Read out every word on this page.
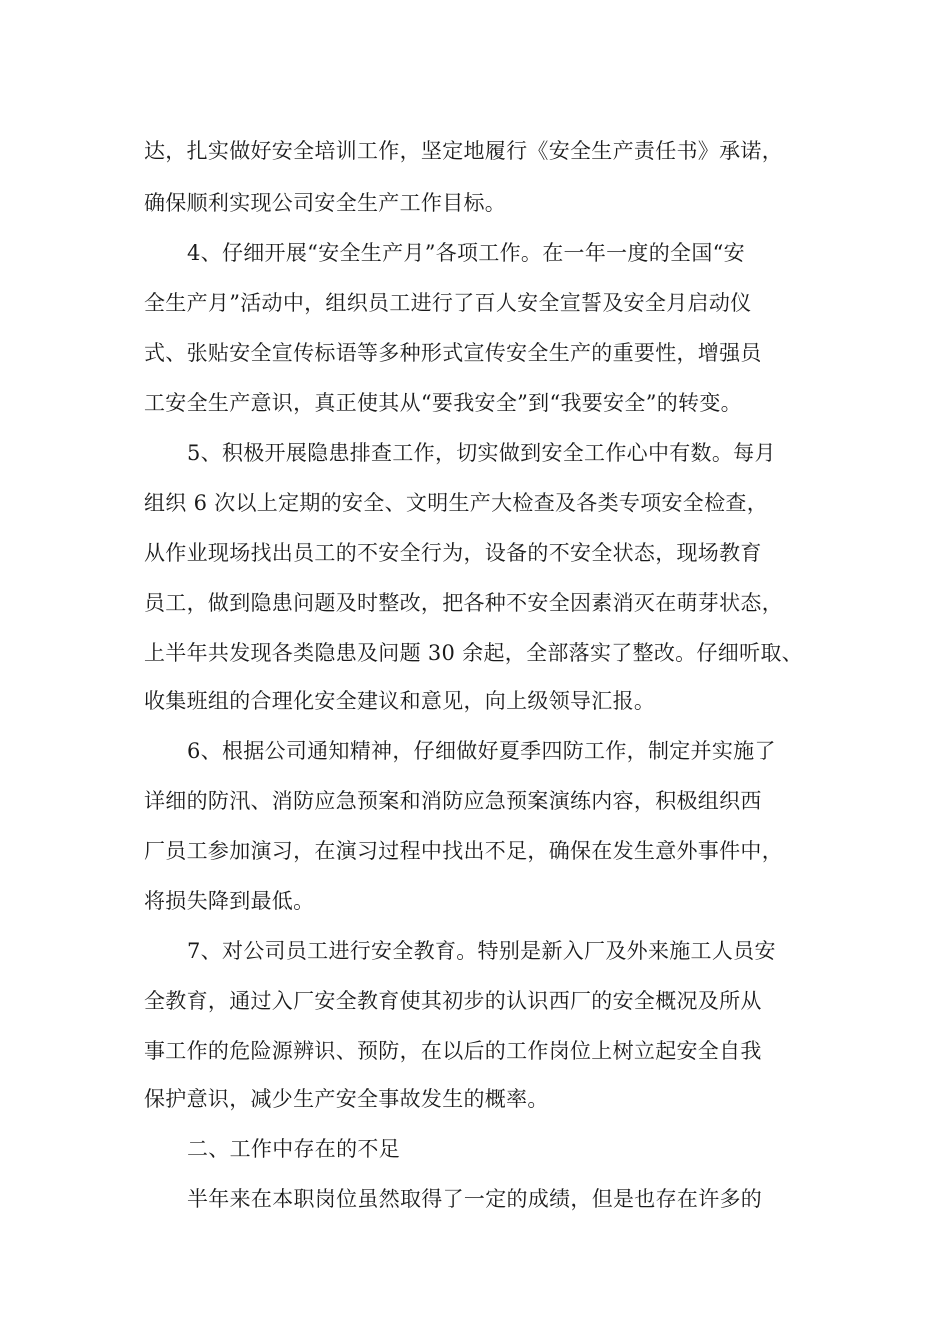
达，扎实做好安全培训工作，坚定地履行《安全生产责任书》承诺，

确保顺利实现公司安全生产工作目标。

4、仔细开展“安全生产月”各项工作。在一年一度的全国“安

全生产月”活动中，组织员工进行了百人安全宣誓及安全月启动仪

式、张贴安全宣传标语等多种形式宣传安全生产的重要性，增强员

工安全生产意识，真正使其从“要我安全”到“我要安全”的转变。

5、积极开展隐患排查工作，切实做到安全工作心中有数。每月

组织 6 次以上定期的安全、文明生产大检查及各类专项安全检查，

从作业现场找出员工的不安全行为，设备的不安全状态，现场教育

员工，做到隐患问题及时整改，把各种不安全因素消灭在萌芽状态，

上半年共发现各类隐患及问题 30 余起，全部落实了整改。仔细听取、

收集班组的合理化安全建议和意见，向上级领导汇报。

6、根据公司通知精神，仔细做好夏季四防工作，制定并实施了

详细的防汛、消防应急预案和消防应急预案演练内容，积极组织西

厂员工参加演习，在演习过程中找出不足，确保在发生意外事件中，

将损失降到最低。

7、对公司员工进行安全教育。特别是新入厂及外来施工人员安

全教育，通过入厂安全教育使其初步的认识西厂的安全概况及所从

事工作的危险源辨识、预防，在以后的工作岗位上树立起安全自我

保护意识，减少生产安全事故发生的概率。

二、工作中存在的不足

半年来在本职岗位虽然取得了一定的成绩，但是也存在许多的
